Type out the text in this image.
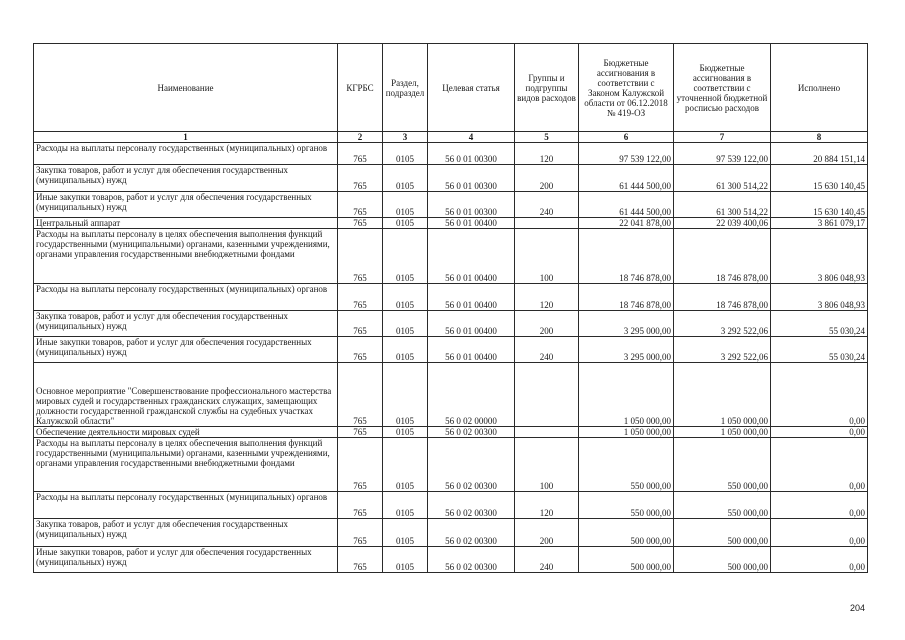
Наименование	КГРБС	Раздел, подраздел	Целевая статья	Группы и подгруппы видов расходов	Бюджетные ассигнования в соответствии с Законом Калужской области от 06.12.2018 № 419-ОЗ	Бюджетные ассигнования в соответствии с уточненной бюджетной росписью расходов	Исполнено
1	2	3	4	5	6	7	8
Расходы на выплаты персоналу государственных (муниципальных) органов	765	0105	56 0 01 00300	120	97 539 122,00	97 539 122,00	20 884 151,14
Закупка товаров, работ и услуг для обеспечения государственных (муниципальных) нужд	765	0105	56 0 01 00300	200	61 444 500,00	61 300 514,22	15 630 140,45
Иные закупки товаров, работ и услуг для обеспечения государственных (муниципальных) нужд	765	0105	56 0 01 00300	240	61 444 500,00	61 300 514,22	15 630 140,45
Центральный аппарат	765	0105	56 0 01 00400		22 041 878,00	22 039 400,06	3 861 079,17
Расходы на выплаты персоналу в целях обеспечения выполнения функций государственными (муниципальными) органами, казенными учреждениями, органами управления государственными внебюджетными фондами	765	0105	56 0 01 00400	100	18 746 878,00	18 746 878,00	3 806 048,93
Расходы на выплаты персоналу государственных (муниципальных) органов	765	0105	56 0 01 00400	120	18 746 878,00	18 746 878,00	3 806 048,93
Закупка товаров, работ и услуг для обеспечения государственных (муниципальных) нужд	765	0105	56 0 01 00400	200	3 295 000,00	3 292 522,06	55 030,24
Иные закупки товаров, работ и услуг для обеспечения государственных (муниципальных) нужд	765	0105	56 0 01 00400	240	3 295 000,00	3 292 522,06	55 030,24
Основное мероприятие "Совершенствование профессионального мастерства мировых судей и государственных гражданских служащих, замещающих должности государственной гражданской службы на судебных участках Калужской области"	765	0105	56 0 02 00000		1 050 000,00	1 050 000,00	0,00
Обеспечение деятельности мировых судей	765	0105	56 0 02 00300		1 050 000,00	1 050 000,00	0,00
Расходы на выплаты персоналу в целях обеспечения выполнения функций государственными (муниципальными) органами, казенными учреждениями, органами управления государственными внебюджетными фондами	765	0105	56 0 02 00300	100	550 000,00	550 000,00	0,00
Расходы на выплаты персоналу государственных (муниципальных) органов	765	0105	56 0 02 00300	120	550 000,00	550 000,00	0,00
Закупка товаров, работ и услуг для обеспечения государственных (муниципальных) нужд	765	0105	56 0 02 00300	200	500 000,00	500 000,00	0,00
Иные закупки товаров, работ и услуг для обеспечения государственных (муниципальных) нужд	765	0105	56 0 02 00300	240	500 000,00	500 000,00	0,00
204
